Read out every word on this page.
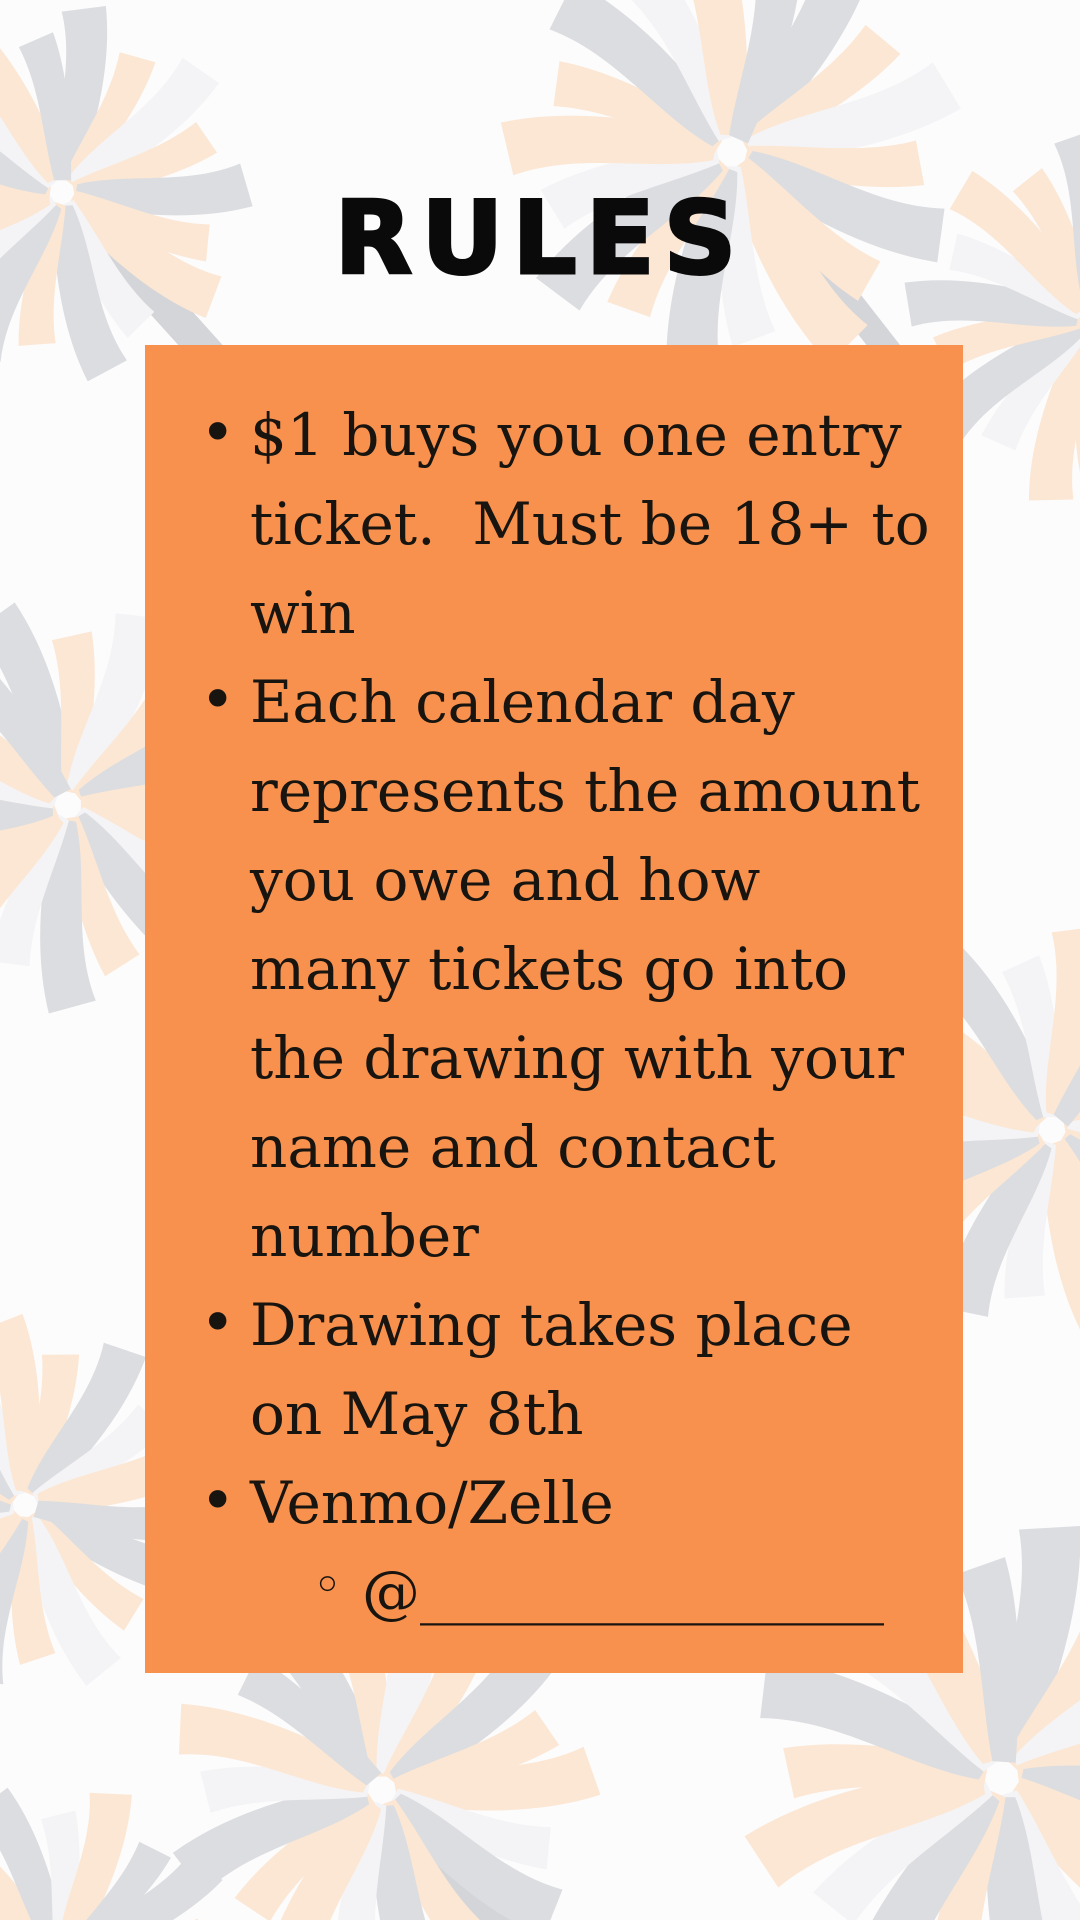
RULES
• $1 buys you one entry ticket.  Must be 18+ to win
• Each calendar day represents the amount you owe and how many tickets go into the drawing with your name and contact number
• Drawing takes place on May 8th
• Venmo/Zelle
◦ @________________
